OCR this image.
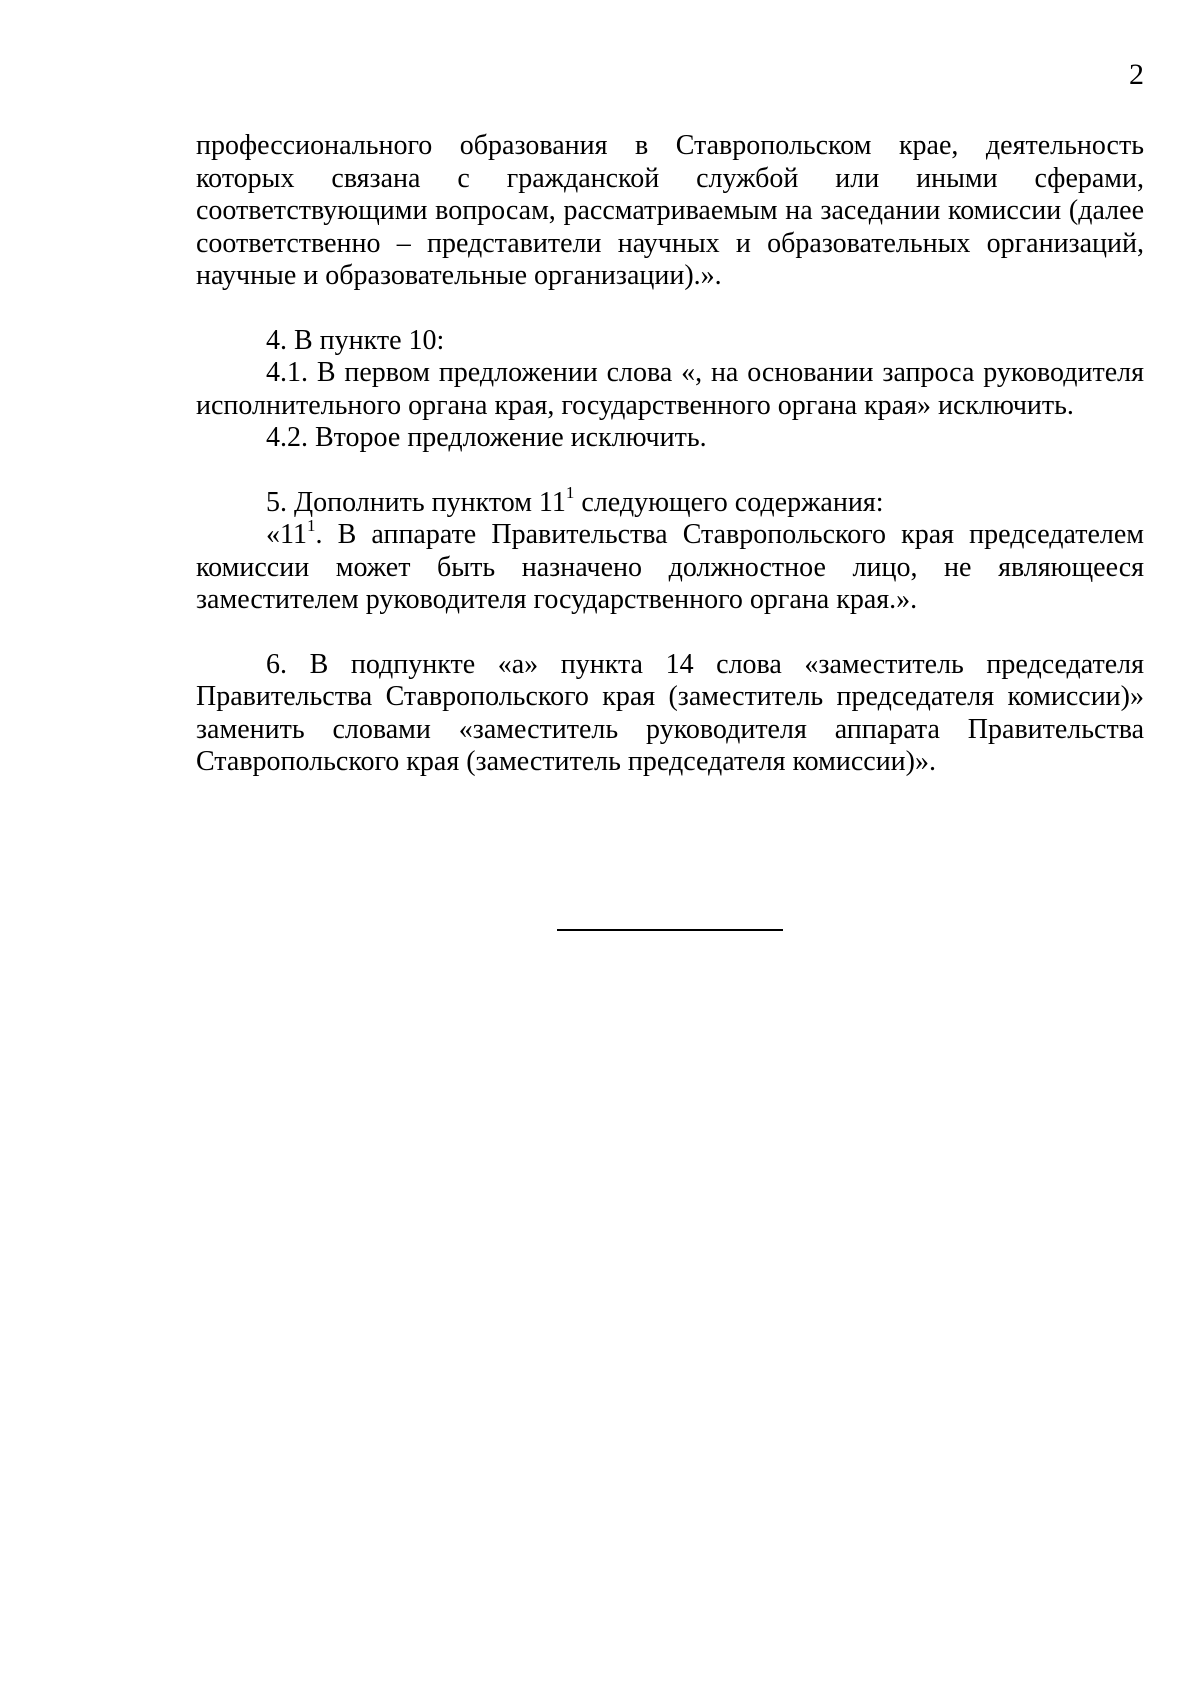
2

профессионального образования в Ставропольском крае, деятельность которых связана с гражданской службой или иными сферами, соответствующими вопросам, рассматриваемым на заседании комиссии (далее соответственно – представители научных и образовательных организаций, научные и образовательные организации).».

4. В пункте 10:

4.1. В первом предложении слова «, на основании запроса руководителя исполнительного органа края, государственного органа края» исключить.

4.2. Второе предложение исключить.

5. Дополнить пунктом $11^1$ следующего содержания:

«$11^1$. В аппарате Правительства Ставропольского края председателем комиссии может быть назначено должностное лицо, не являющееся заместителем руководителя государственного органа края.».

6. В подпункте «а» пункта 14 слова «заместитель председателя Правительства Ставропольского края (заместитель председателя комиссии)» заменить словами «заместитель руководителя аппарата Правительства Ставропольского края (заместитель председателя комиссии)».
